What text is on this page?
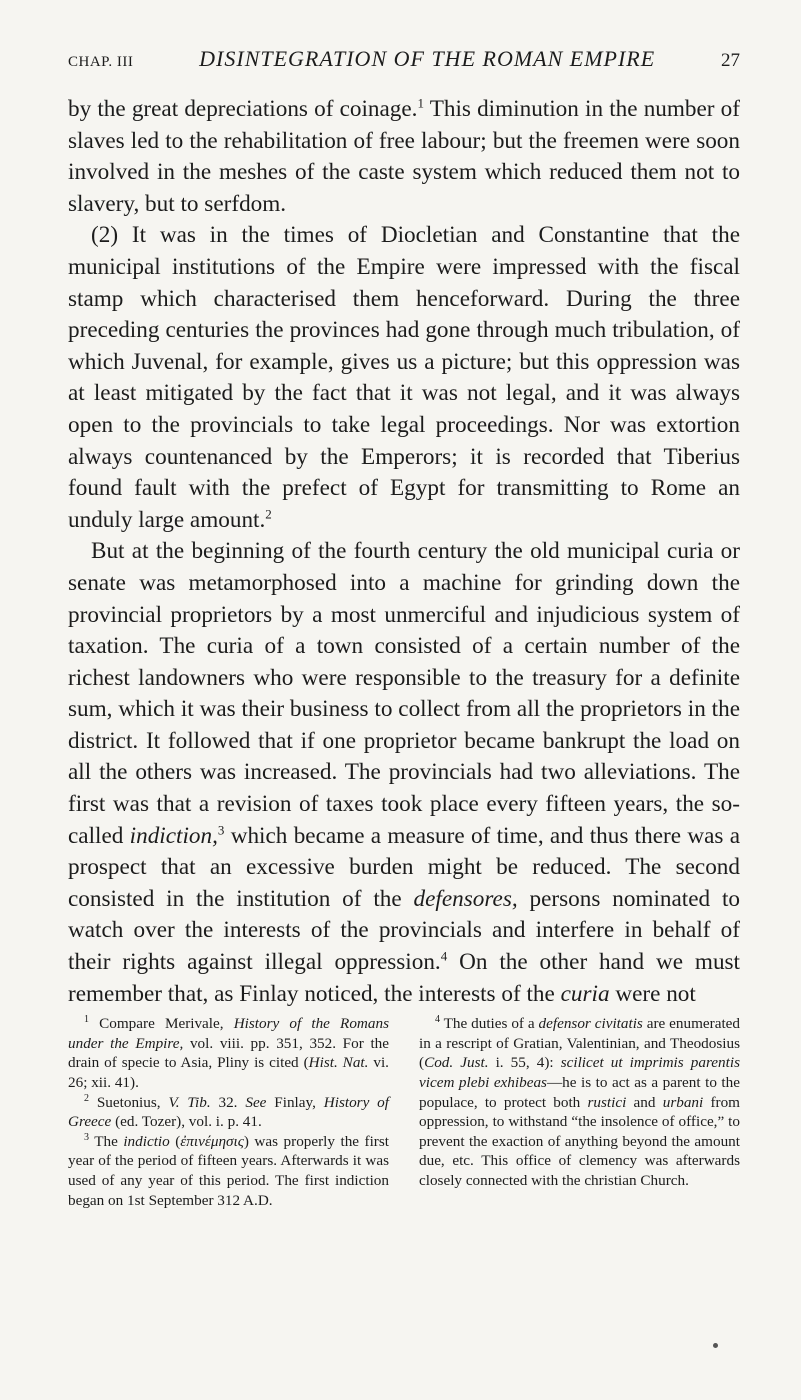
CHAP. III	DISINTEGRATION OF THE ROMAN EMPIRE	27

by the great depreciations of coinage.$^1$ This diminution in the number of slaves led to the rehabilitation of free labour; but the freemen were soon involved in the meshes of the caste system which reduced them not to slavery, but to serfdom.

(2) It was in the times of Diocletian and Constantine that the municipal institutions of the Empire were impressed with the fiscal stamp which characterised them henceforward. During the three preceding centuries the provinces had gone through much tribulation, of which Juvenal, for example, gives us a picture; but this oppression was at least mitigated by the fact that it was not legal, and it was always open to the provincials to take legal proceedings. Nor was extortion always countenanced by the Emperors; it is recorded that Tiberius found fault with the prefect of Egypt for transmitting to Rome an unduly large amount.$^2$

But at the beginning of the fourth century the old municipal curia or senate was metamorphosed into a machine for grinding down the provincial proprietors by a most unmerciful and injudicious system of taxation. The curia of a town consisted of a certain number of the richest landowners who were responsible to the treasury for a definite sum, which it was their business to collect from all the proprietors in the district. It followed that if one proprietor became bankrupt the load on all the others was increased. The provincials had two alleviations. The first was that a revision of taxes took place every fifteen years, the so-called indiction,$^3$ which became a measure of time, and thus there was a prospect that an excessive burden might be reduced. The second consisted in the institution of the defensores, persons nominated to watch over the interests of the provincials and interfere in behalf of their rights against illegal oppression.$^4$ On the other hand we must remember that, as Finlay noticed, the interests of the curia were not

$^1$ Compare Merivale, History of the Romans under the Empire, vol. viii. pp. 351, 352. For the drain of specie to Asia, Pliny is cited (Hist. Nat. vi. 26; xii. 41).

$^2$ Suetonius, V. Tib. 32. See Finlay, History of Greece (ed. Tozer), vol. i. p. 41.

$^3$ The indictio (ἐπινέμησις) was properly the first year of the period of fifteen years. Afterwards it was used of any year of this period. The first indiction began on 1st September 312 A.D.

$^4$ The duties of a defensor civitatis are enumerated in a rescript of Gratian, Valentinian, and Theodosius (Cod. Just. i. 55, 4): scilicet ut imprimis parentis vicem plebi exhibeas—he is to act as a parent to the populace, to protect both rustici and urbani from oppression, to withstand “the insolence of office,” to prevent the exaction of anything beyond the amount due, etc. This office of clemency was afterwards closely connected with the christian Church.
